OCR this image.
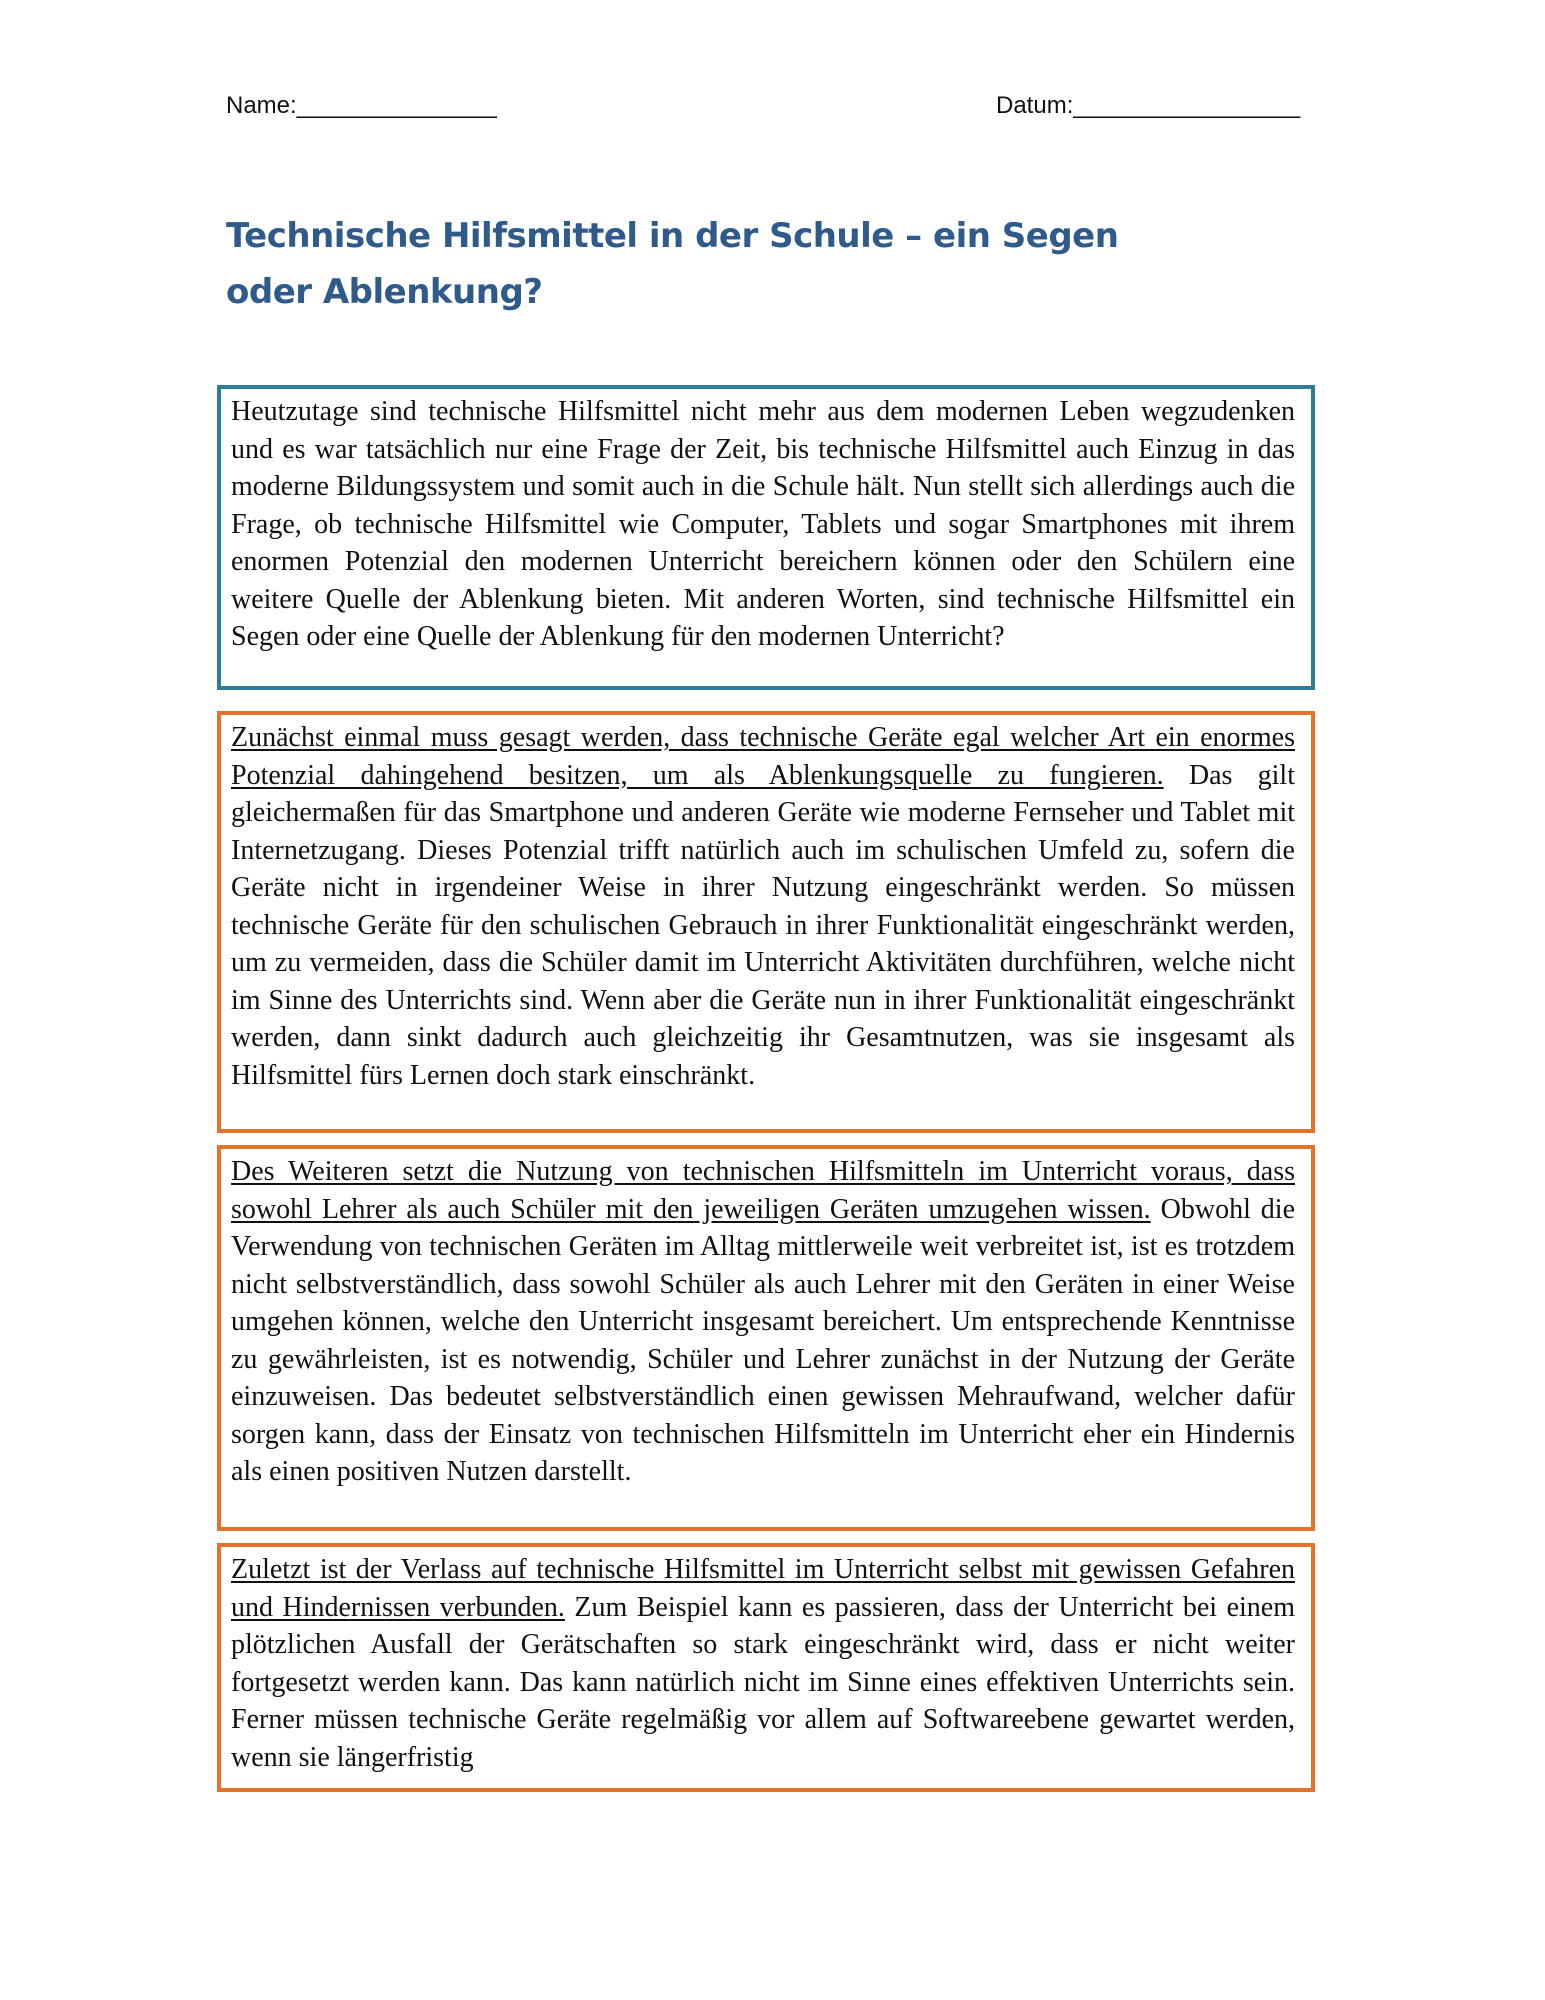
Name:_______________	Datum:_________________
Technische Hilfsmittel in der Schule – ein Segen oder Ablenkung?
Heutzutage sind technische Hilfsmittel nicht mehr aus dem modernen Leben wegzudenken und es war tatsächlich nur eine Frage der Zeit, bis technische Hilfsmittel auch Einzug in das moderne Bildungssystem und somit auch in die Schule hält. Nun stellt sich allerdings auch die Frage, ob technische Hilfsmittel wie Computer, Tablets und sogar Smartphones mit ihrem enormen Potenzial den modernen Unterricht bereichern können oder den Schülern eine weitere Quelle der Ablenkung bieten. Mit anderen Worten, sind technische Hilfsmittel ein Segen oder eine Quelle der Ablenkung für den modernen Unterricht?
Zunächst einmal muss gesagt werden, dass technische Geräte egal welcher Art ein enormes Potenzial dahingehend besitzen, um als Ablenkungsquelle zu fungieren. Das gilt gleichermaßen für das Smartphone und anderen Geräte wie moderne Fernseher und Tablet mit Internetzugang. Dieses Potenzial trifft natürlich auch im schulischen Umfeld zu, sofern die Geräte nicht in irgendeiner Weise in ihrer Nutzung eingeschränkt werden. So müssen technische Geräte für den schulischen Gebrauch in ihrer Funktionalität eingeschränkt werden, um zu vermeiden, dass die Schüler damit im Unterricht Aktivitäten durchführen, welche nicht im Sinne des Unterrichts sind. Wenn aber die Geräte nun in ihrer Funktionalität eingeschränkt werden, dann sinkt dadurch auch gleichzeitig ihr Gesamtnutzen, was sie insgesamt als Hilfsmittel fürs Lernen doch stark einschränkt.
Des Weiteren setzt die Nutzung von technischen Hilfsmitteln im Unterricht voraus, dass sowohl Lehrer als auch Schüler mit den jeweiligen Geräten umzugehen wissen. Obwohl die Verwendung von technischen Geräten im Alltag mittlerweile weit verbreitet ist, ist es trotzdem nicht selbstverständlich, dass sowohl Schüler als auch Lehrer mit den Geräten in einer Weise umgehen können, welche den Unterricht insgesamt bereichert. Um entsprechende Kenntnisse zu gewährleisten, ist es notwendig, Schüler und Lehrer zunächst in der Nutzung der Geräte einzuweisen. Das bedeutet selbstverständlich einen gewissen Mehraufwand, welcher dafür sorgen kann, dass der Einsatz von technischen Hilfsmitteln im Unterricht eher ein Hindernis als einen positiven Nutzen darstellt.
Zuletzt ist der Verlass auf technische Hilfsmittel im Unterricht selbst mit gewissen Gefahren und Hindernissen verbunden. Zum Beispiel kann es passieren, dass der Unterricht bei einem plötzlichen Ausfall der Gerätschaften so stark eingeschränkt wird, dass er nicht weiter fortgesetzt werden kann. Das kann natürlich nicht im Sinne eines effektiven Unterrichts sein. Ferner müssen technische Geräte regelmäßig vor allem auf Softwareebene gewartet werden, wenn sie längerfristig
